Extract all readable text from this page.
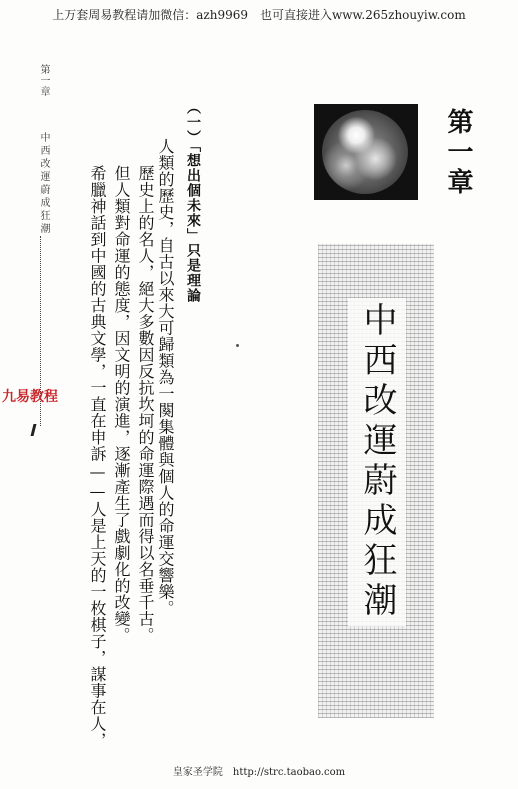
上万套周易教程请加微信：azh9969　也可直接进入www.265zhouyiw.com
第一章
中西改運蔚成狂潮
九易教程
（一）「想出個未來」只是理論
人類的歷史，自古以來大可歸類為一闋集體與個人的命運交響樂。
歷史上的名人，絕大多數因反抗坎坷的命運際遇而得以名垂千古。
但人類對命運的態度，因文明的演進，逐漸產生了戲劇化的改變。
希臘神話到中國的古典文學，一直在申訴——人是上天的一枚棋子，謀事在人，
第一章
中西改運蔚成狂潮
皇家圣学院　http://strc.taobao.com
